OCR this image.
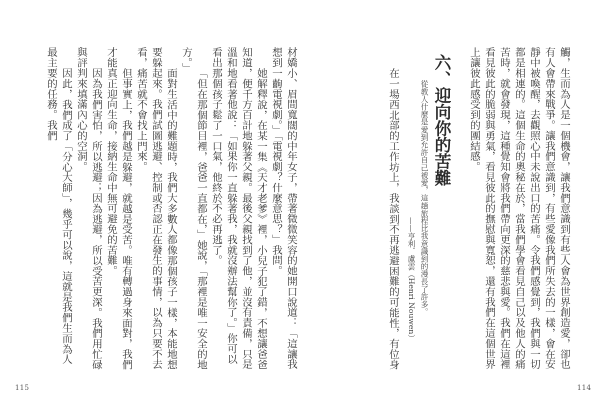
材嬌小、眉間寬闊的中年女子，帶著微微笑容的她開口說道：「這讓我想到一齣電視劇。」「電視劇？什麼意思？」我問。

她解釋說，在某一集《天才老爹》裡，小兒子犯了錯，不想讓爸爸知道，便千方百計地躲著父親。最後父親找到了他，並沒有責備，只是溫和地看著他說：「如果你一直躲著我，我就沒辦法幫你了。」你可以看出那個孩子鬆了一口氣，他終於不必再逃了。

「但在那個節目裡，爸爸一直都在，」她說，「那裡是唯一安全的地方。」

面對生活中的難題時，我們大多數人都像那個孩子一樣，本能地想要躲起來。我們試圖逃避、控制或否認正在發生的事情，以為只要不去看，痛苦就不會找上門來。

但事實上，我們越是躲避，就越是受苦。唯有轉過身來面對，我們才能真正迎向生命，接納生命中無可避免的苦難。

因為我們害怕，所以逃避；因為逃避，所以受苦更深。我們用忙碌與評判來填滿內心的空洞。

因此，我們成了「分心大師」，幾乎可以說，這就是我們生而為人最主要的任務。我們

115

觸，生而為人是一個機會，讓我們意識到有些人會為世界創造愛，卻也有人會帶來戰爭。讓我們意識到，有些愛像我們所失去的一樣，會在安靜中被喚醒，去觀照心中未說出口的苦痛。令我們感覺到，我們與一切都是相連的。這個生命的奧秘在於，當我們學會看見自己以及他人的痛苦時，就會發現，這種覺知會將我們帶向更深的慈悲與愛。我們在這裡看見彼此的脆弱與勇氣，看見彼此的撫慰與寬恕，還有我們在這個世界上讓彼此感受到的團結感。

六、迎向你的苦難
從教人什麼是愛到允許自己被愛，這趟旅程比我意識到的漫長了許多。
——亨利．盧雲（Henri Nouwen）

在一場西北部的工作坊上，我談到不再逃避困難的可能性，有位身

114
